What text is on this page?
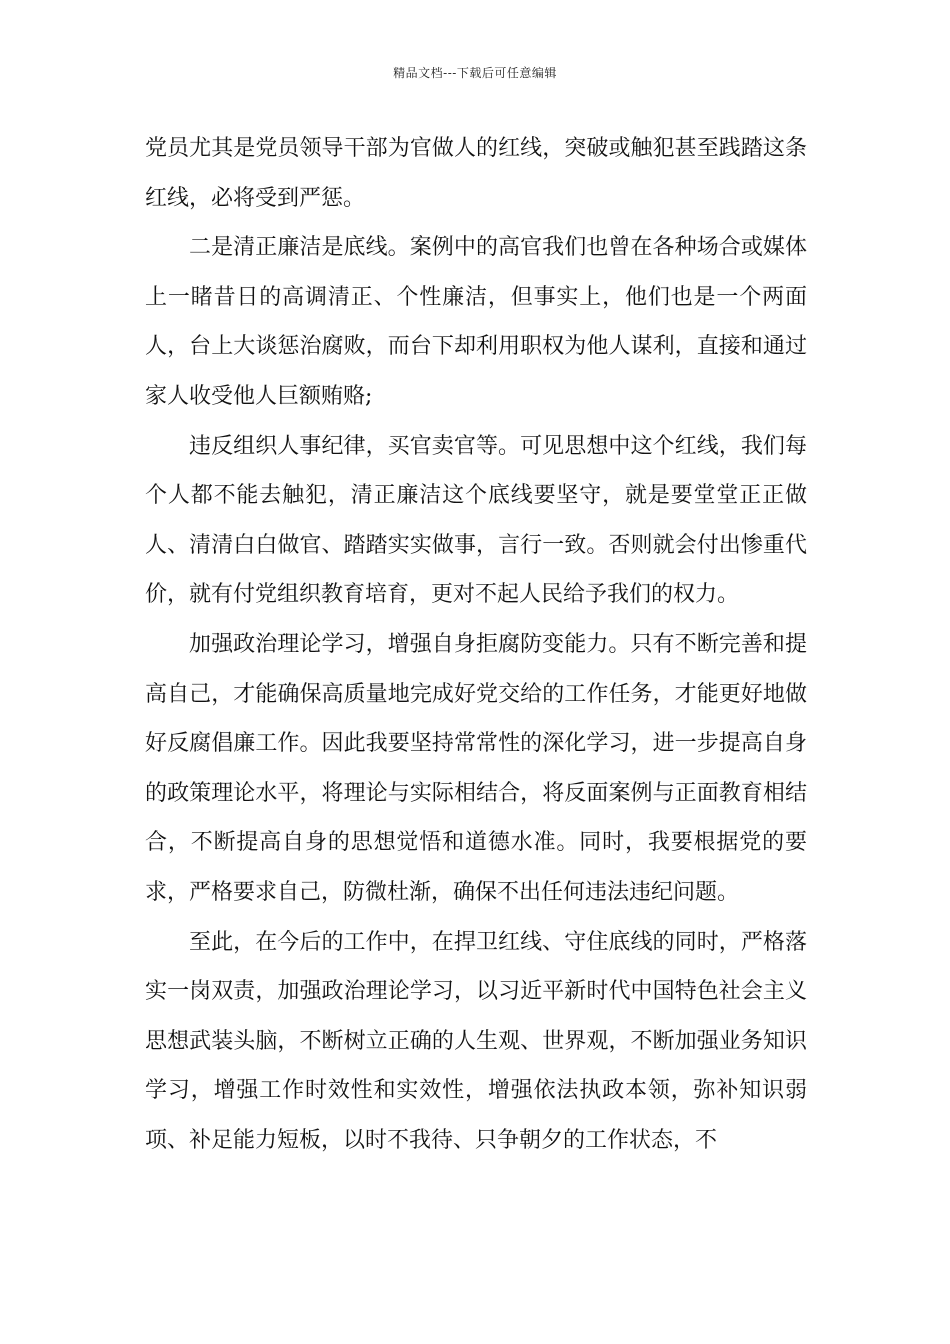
精品文档---下载后可任意编辑

党员尤其是党员领导干部为官做人的红线，突破或触犯甚至践踏这条红线，必将受到严惩。

二是清正廉洁是底线。案例中的高官我们也曾在各种场合或媒体上一睹昔日的高调清正、个性廉洁，但事实上，他们也是一个两面人，台上大谈惩治腐败，而台下却利用职权为他人谋利，直接和通过家人收受他人巨额贿赂;

违反组织人事纪律，买官卖官等。可见思想中这个红线，我们每个人都不能去触犯，清正廉洁这个底线要坚守，就是要堂堂正正做人、清清白白做官、踏踏实实做事，言行一致。否则就会付出惨重代价，就有付党组织教育培育，更对不起人民给予我们的权力。

加强政治理论学习，增强自身拒腐防变能力。只有不断完善和提高自己，才能确保高质量地完成好党交给的工作任务，才能更好地做好反腐倡廉工作。因此我要坚持常常性的深化学习，进一步提高自身的政策理论水平，将理论与实际相结合，将反面案例与正面教育相结合，不断提高自身的思想觉悟和道德水准。同时，我要根据党的要求，严格要求自己，防微杜渐，确保不出任何违法违纪问题。

至此，在今后的工作中，在捍卫红线、守住底线的同时，严格落实一岗双责，加强政治理论学习，以习近平新时代中国特色社会主义思想武装头脑，不断树立正确的人生观、世界观，不断加强业务知识学习，增强工作时效性和实效性，增强依法执政本领，弥补知识弱项、补足能力短板，以时不我待、只争朝夕的工作状态，不
